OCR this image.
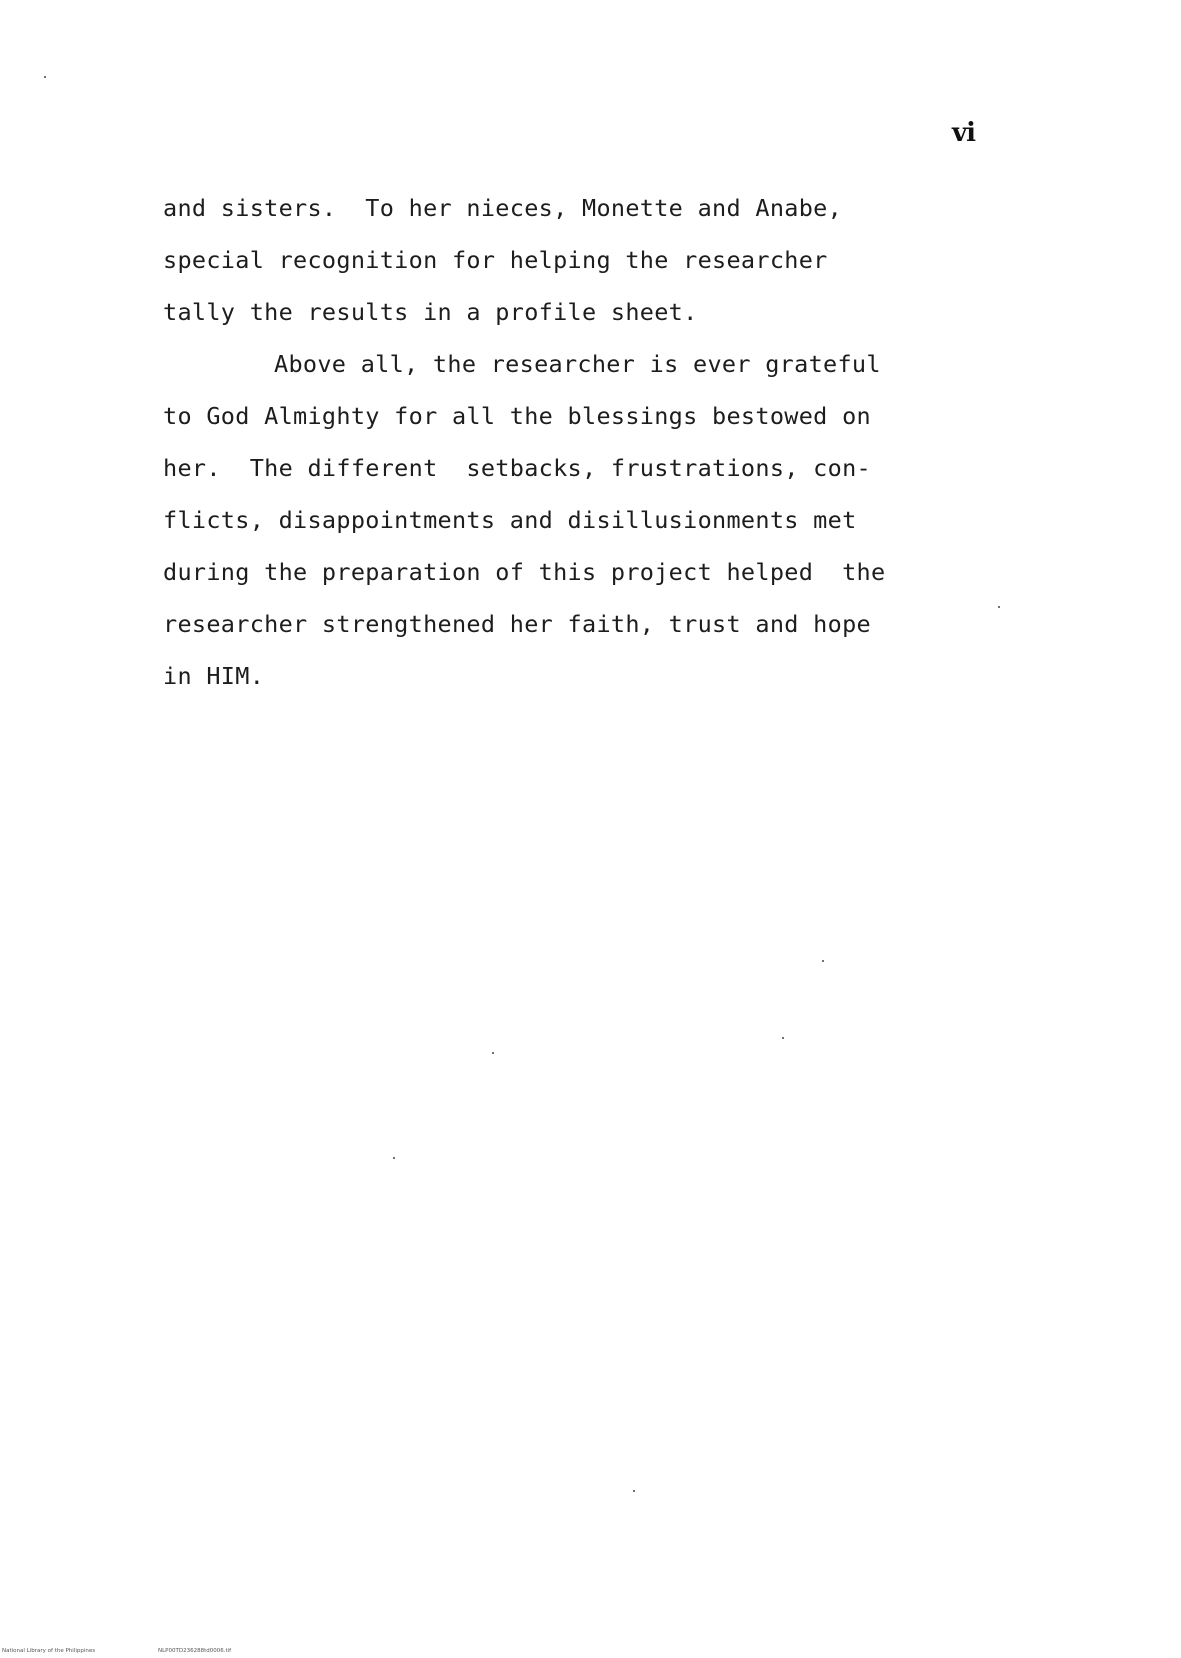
vi
and sisters.  To her nieces, Monette and Anabe,
special recognition for helping the researcher
tally the results in a profile sheet.
Above all, the researcher is ever grateful
to God Almighty for all the blessings bestowed on
her.  The different  setbacks, frustrations, con-
flicts, disappointments and disillusionments met
during the preparation of this project helped  the
researcher strengthened her faith, trust and hope
in HIM.
National Library of the Philippines	NLP00TD236288td0006.tif
